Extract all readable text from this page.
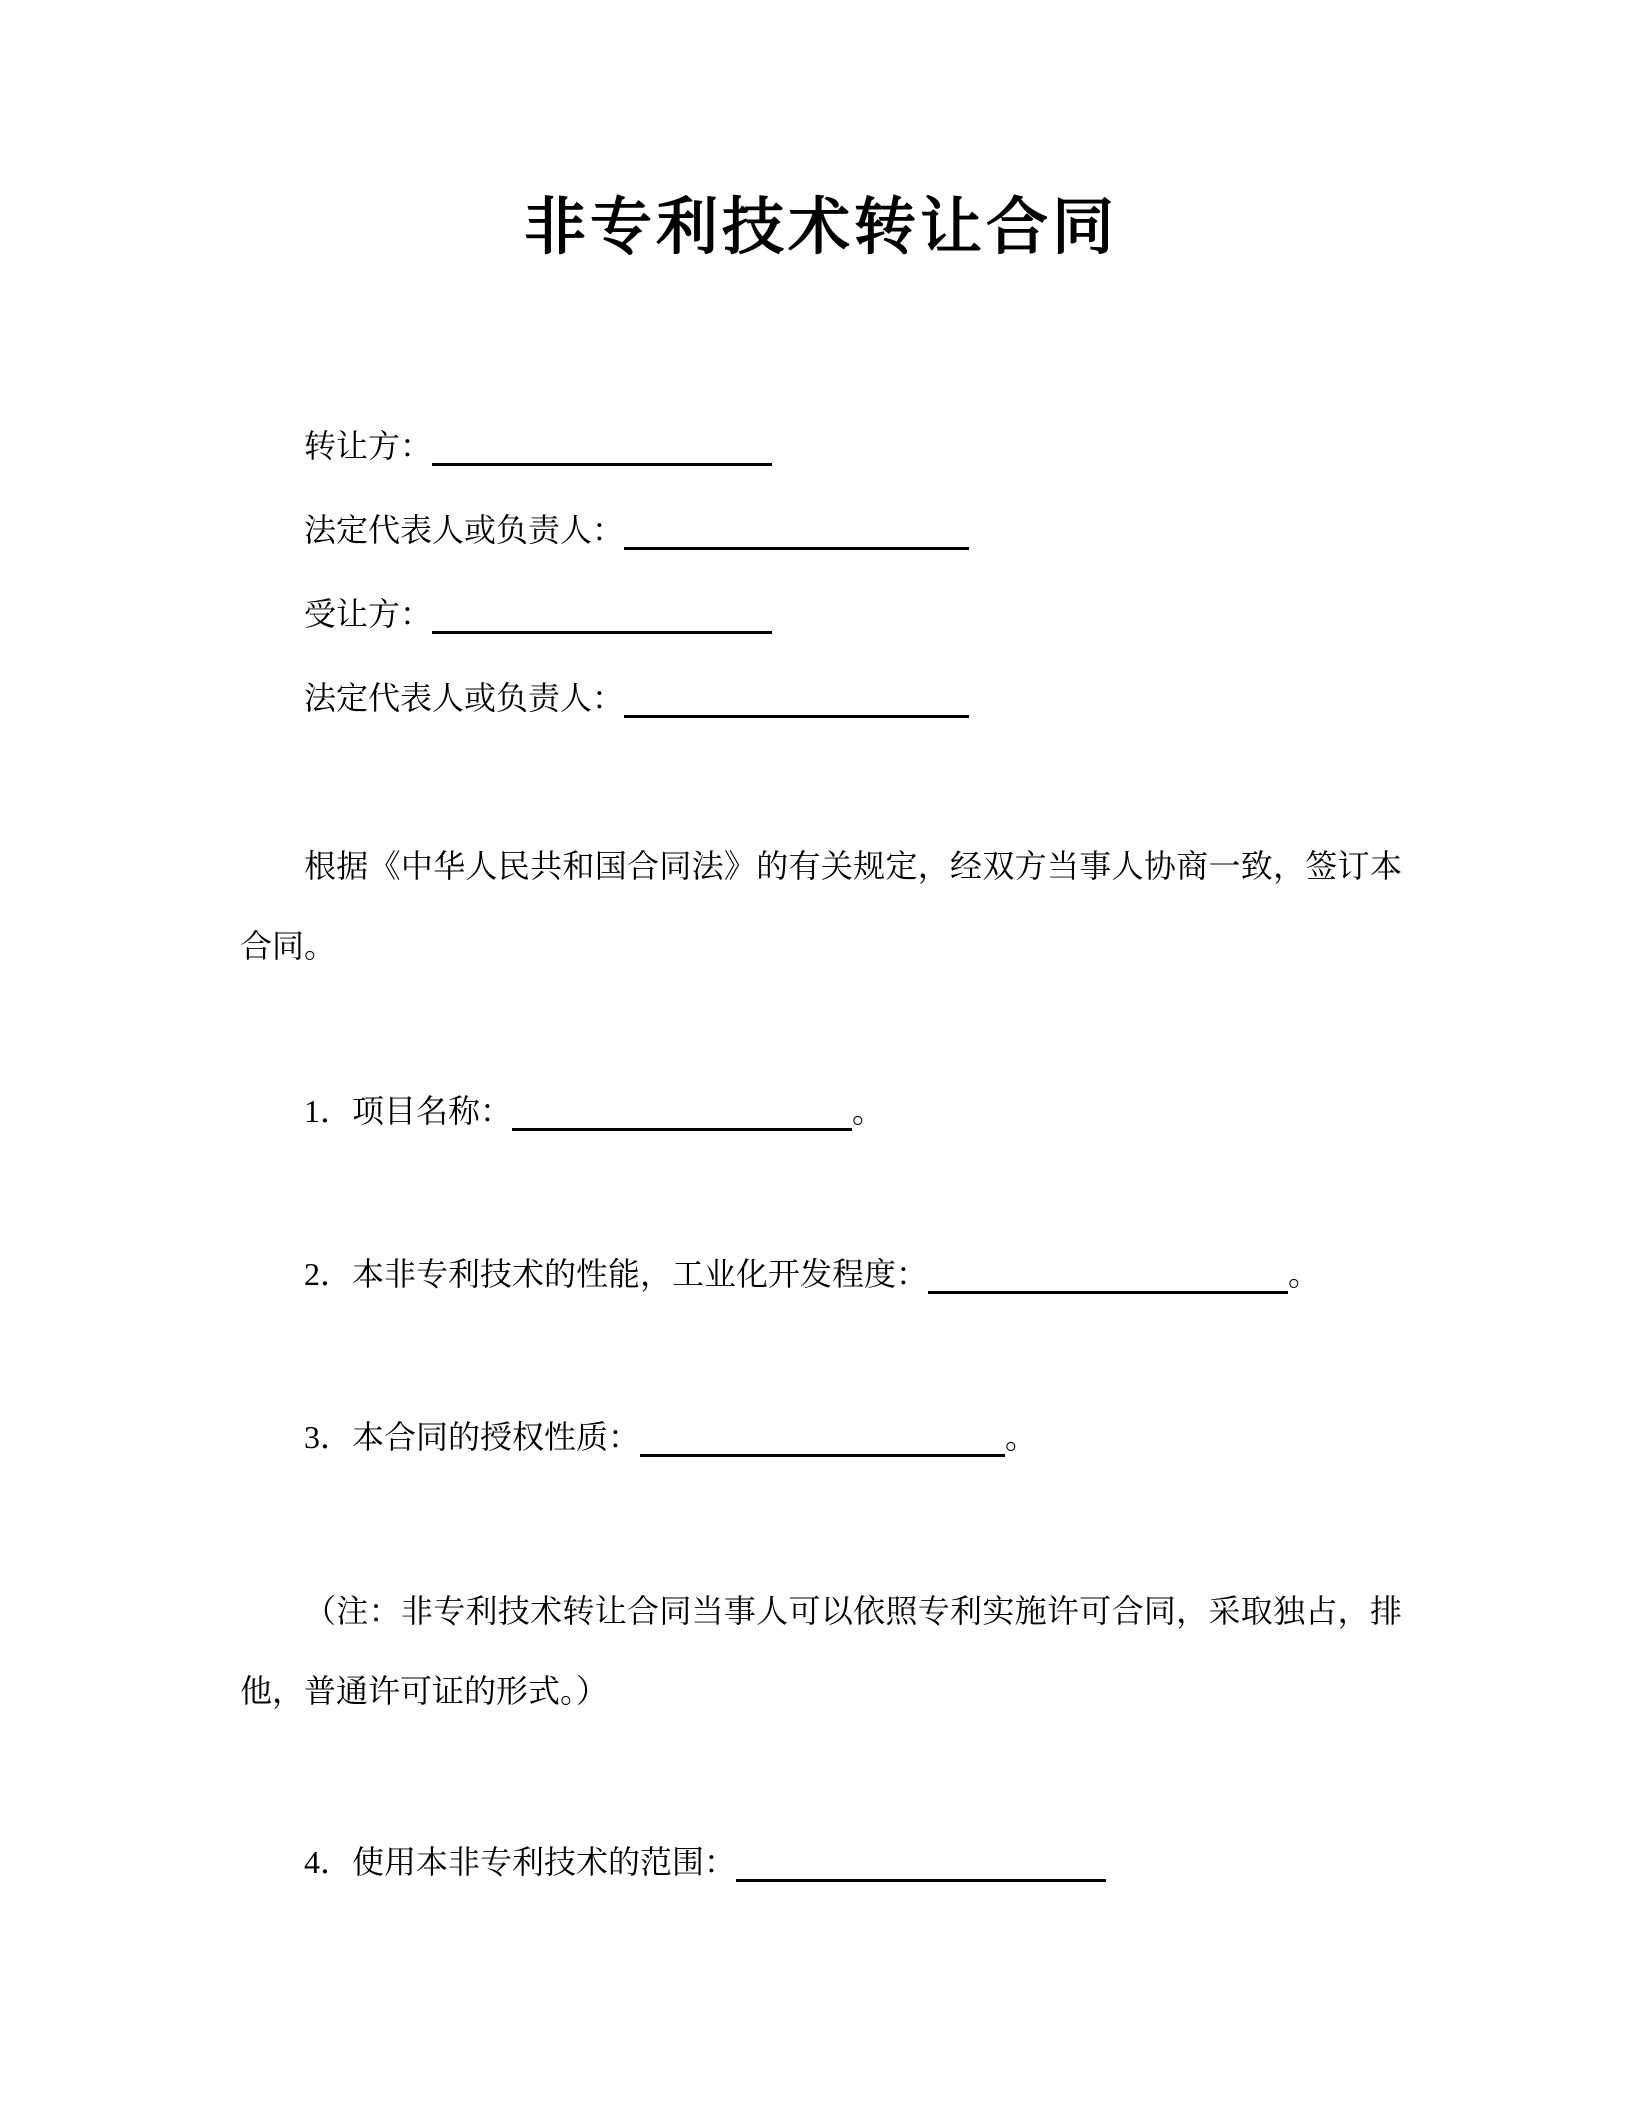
非专利技术转让合同
转让方：
法定代表人或负责人：
受让方：
法定代表人或负责人：

根据《中华人民共和国合同法》的有关规定，经双方当事人协商一致，签订本合同。

1．项目名称：	。
2．本非专利技术的性能，工业化开发程度：	。
3．本合同的授权性质：	。

（注：非专利技术转让合同当事人可以依照专利实施许可合同，采取独占，排他，普通许可证的形式。）

4．使用本非专利技术的范围：
